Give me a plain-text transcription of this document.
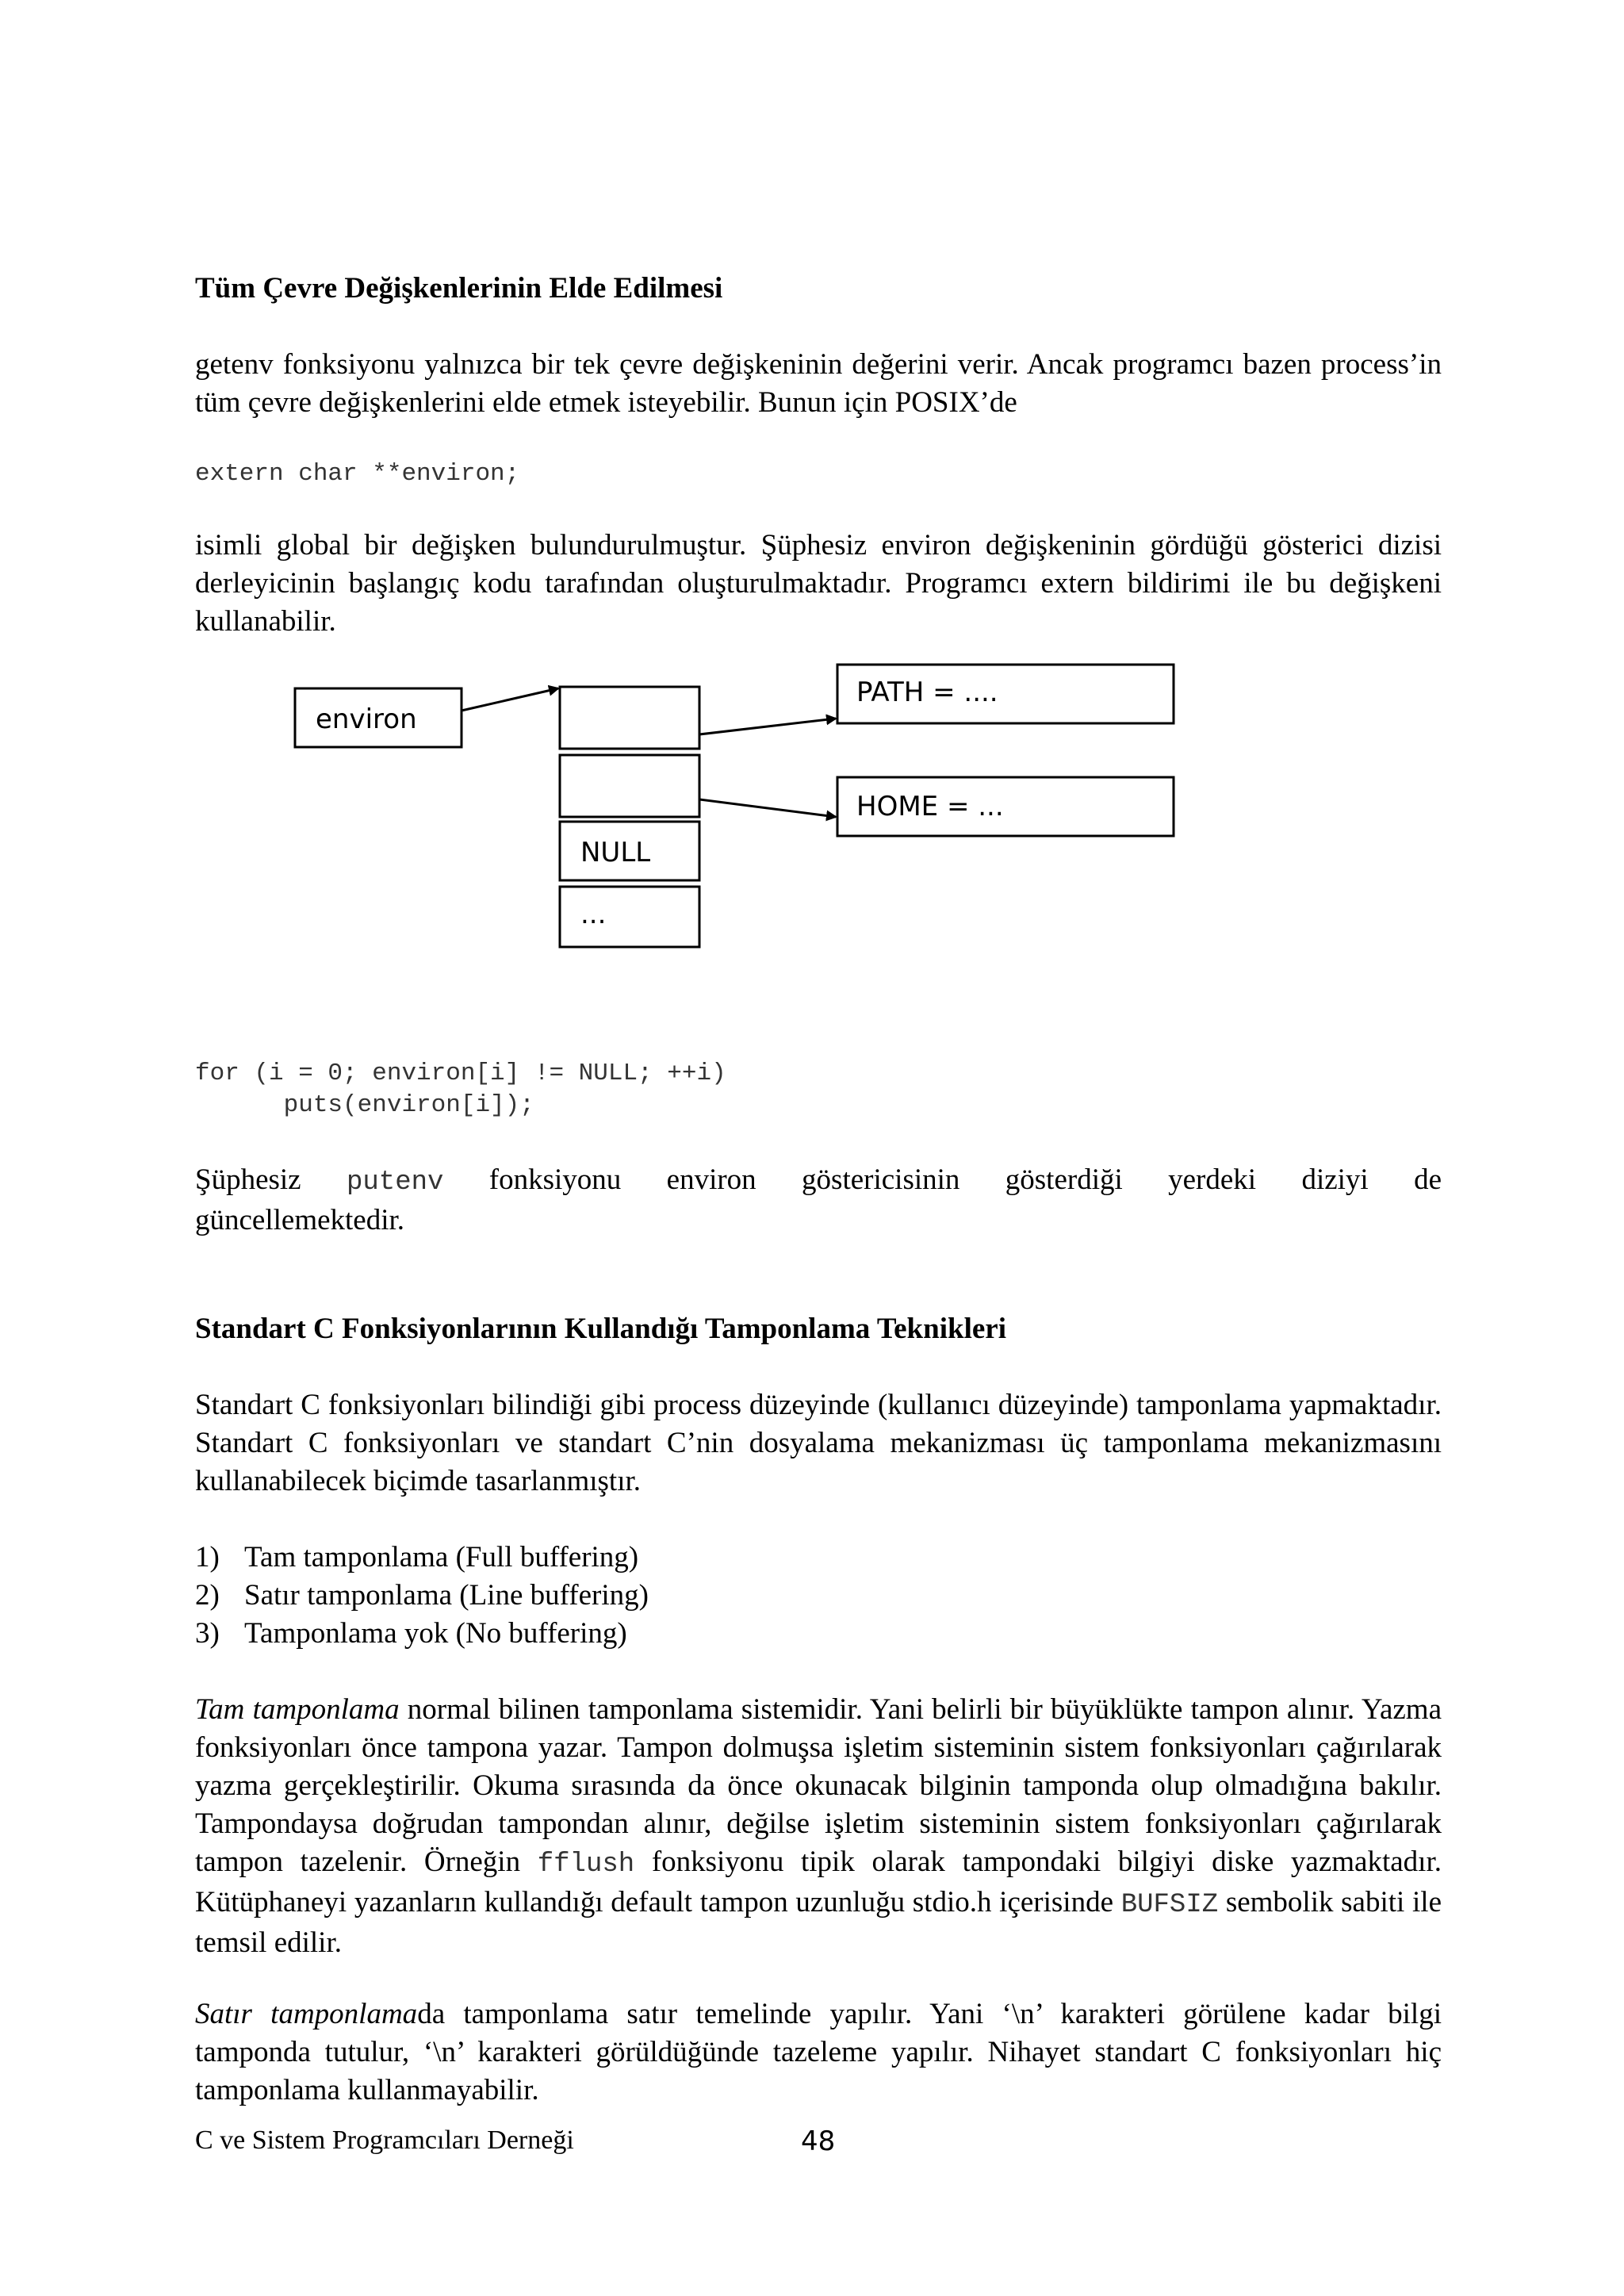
Tüm Çevre Değişkenlerinin Elde Edilmesi

getenv fonksiyonu yalnızca bir tek çevre değişkeninin değerini verir. Ancak programcı bazen process’in tüm çevre değişkenlerini elde etmek isteyebilir. Bunun için POSIX’de

extern char **environ;

isimli global bir değişken bulundurulmuştur. Şüphesiz environ değişkeninin gördüğü gösterici dizisi derleyicinin başlangıç kodu tarafından oluşturulmaktadır. Programcı extern bildirimi ile bu değişkeni kullanabilir.

environ
NULL
...
PATH = ....
HOME = ...
for (i = 0; environ[i] != NULL; ++i)
puts(environ[i]);
Şüphesiz putenv fonksiyonu environ göstericisinin gösterdiği yerdeki diziyi de
güncellemektedir.
Standart C Fonksiyonlarının Kullandığı Tamponlama Teknikleri

Standart C fonksiyonları bilindiği gibi process düzeyinde (kullanıcı düzeyinde) tamponlama yapmaktadır. Standart C fonksiyonları ve standart C’nin dosyalama mekanizması üç tamponlama mekanizmasını kullanabilecek biçimde tasarlanmıştır.

1) Tam tamponlama (Full buffering)
2) Satır tamponlama (Line buffering)
3) Tamponlama yok (No buffering)

Tam tamponlama normal bilinen tamponlama sistemidir. Yani belirli bir büyüklükte tampon alınır. Yazma fonksiyonları önce tampona yazar. Tampon dolmuşsa işletim sisteminin sistem fonksiyonları çağırılarak yazma gerçekleştirilir. Okuma sırasında da önce okunacak bilginin tamponda olup olmadığına bakılır. Tampondaysa doğrudan tampondan alınır, değilse işletim sisteminin sistem fonksiyonları çağırılarak tampon tazelenir. Örneğin fflush fonksiyonu tipik olarak tampondaki bilgiyi diske yazmaktadır. Kütüphaneyi yazanların kullandığı default tampon uzunluğu stdio.h içerisinde BUFSIZ sembolik sabiti ile temsil edilir.

Satır tamponlamada tamponlama satır temelinde yapılır. Yani ‘\n’ karakteri görülene kadar bilgi tamponda tutulur, ‘\n’ karakteri görüldüğünde tazeleme yapılır. Nihayet standart C fonksiyonları hiç tamponlama kullanmayabilir.

C ve Sistem Programcıları Derneği	48
